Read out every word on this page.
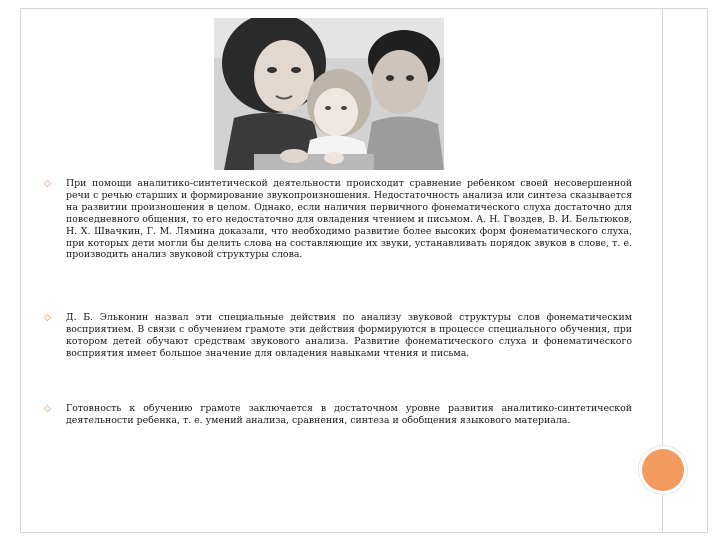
◇	При помощи аналитико-синтетической деятельности происходит сравнение ребенком своей несовершенной речи с речью старших и формирование звукопроизношения. Недостаточность анализа или синтеза сказывается на развитии произношения в целом. Однако, если наличия первичного фонематического слуха достаточно для повседневного общения, то его недостаточно для овладения чтением и письмом. А. Н. Гвоздев, В. И. Бельтюков, Н. Х. Швачкин, Г. М. Лямина доказали, что необходимо развитие более высоких форм фонематического слуха, при которых дети могли бы делить слова на составляющие их звуки, устанавливать порядок звуков в слове, т. е. производить анализ звуковой структуры слова.
◇	Д. Б. Эльконин назвал эти специальные действия по анализу звуковой структуры слов фонематическим восприятием. В связи с обучением грамоте эти действия формируются в процессе специального обучения, при котором детей обучают средствам звукового анализа. Развитие фонематического слуха и фонематического восприятия имеет большое значение для овладения навыками чтения и письма.
◇	Готовность к обучению грамоте заключается в достаточном уровне развития аналитико-синтетической деятельности ребенка, т. е. умений анализа, сравнения, синтеза и обобщения языкового материала.
